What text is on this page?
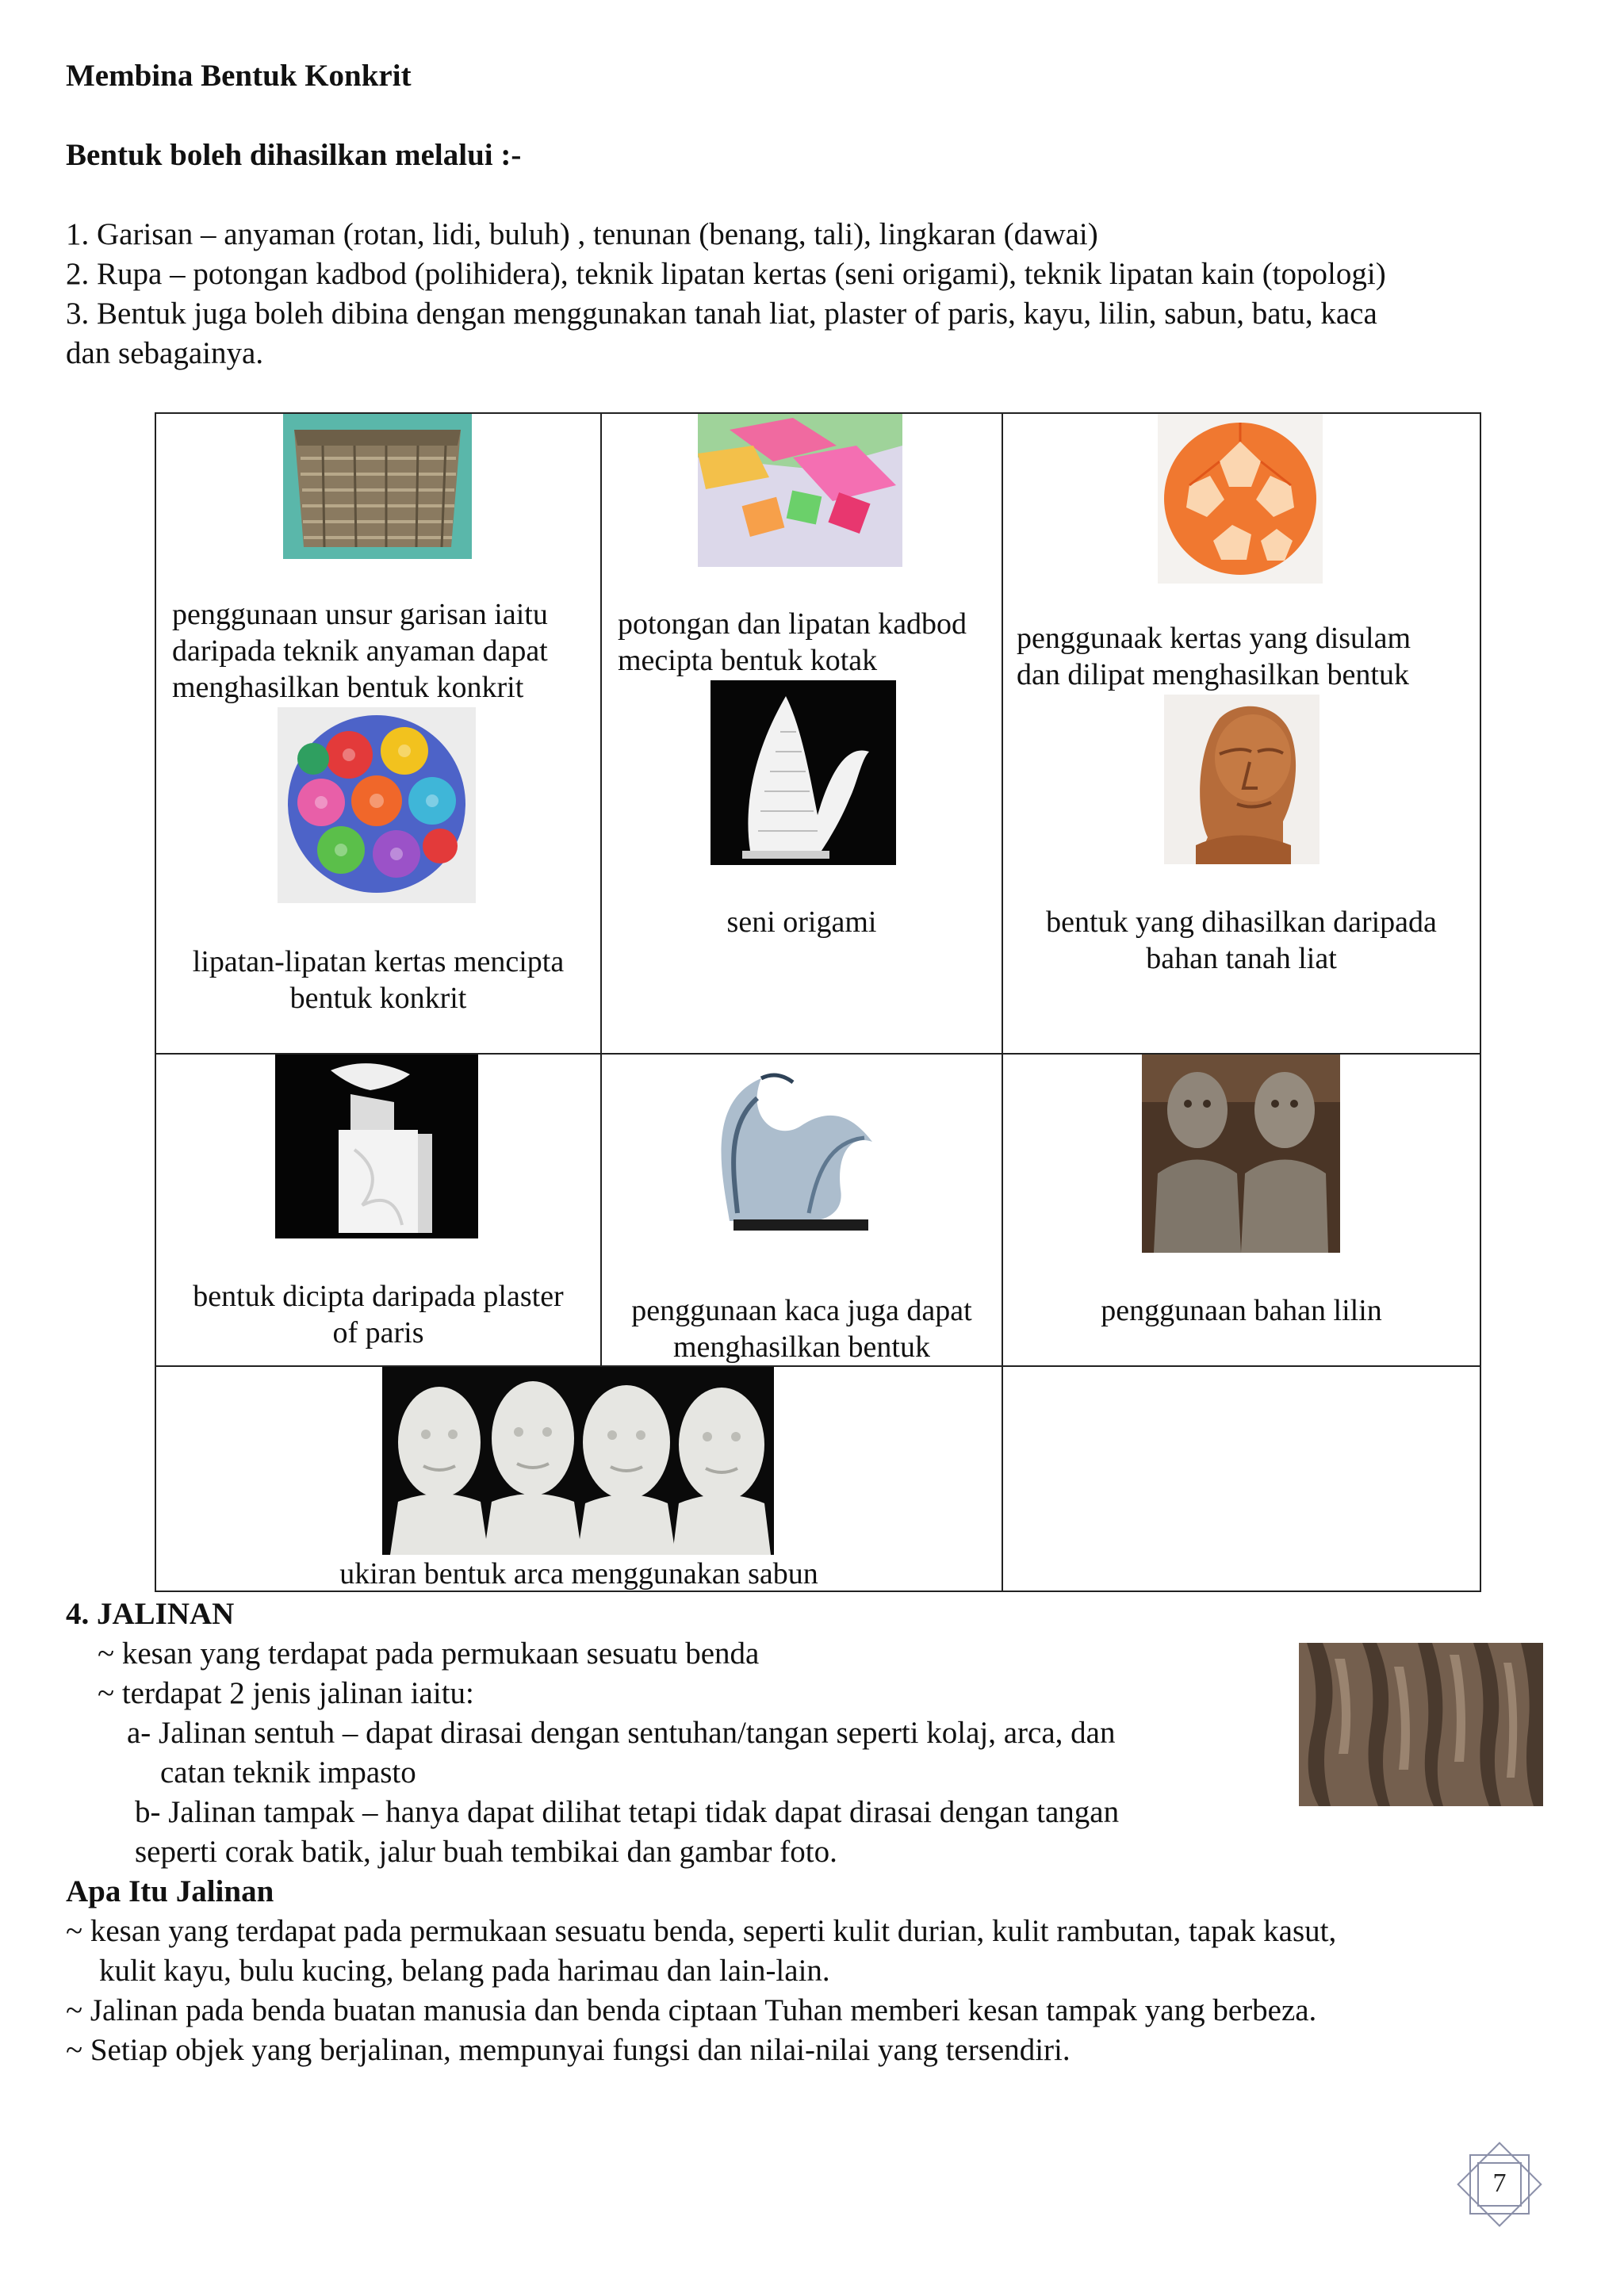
Membina Bentuk Konkrit
Bentuk boleh dihasilkan melalui :-
1. Garisan – anyaman (rotan, lidi, buluh) , tenunan (benang, tali), lingkaran (dawai)
2. Rupa – potongan kadbod (polihidera), teknik lipatan kertas (seni origami), teknik lipatan kain (topologi)
3. Bentuk juga boleh dibina dengan menggunakan tanah liat, plaster of paris, kayu, lilin, sabun, batu, kaca
dan sebagainya.
penggunaan unsur garisan iaitu
daripada teknik anyaman dapat
menghasilkan bentuk konkrit
potongan dan lipatan kadbod
mecipta bentuk kotak
penggunaak kertas yang disulam
dan dilipat menghasilkan bentuk
lipatan-lipatan kertas mencipta
bentuk konkrit
seni origami	bentuk yang dihasilkan daripada
bahan tanah liat
bentuk dicipta daripada plaster
of paris
penggunaan kaca juga dapat
menghasilkan bentuk
penggunaan bahan lilin
ukiran bentuk arca menggunakan sabun
4. JALINAN
~ kesan yang terdapat pada permukaan sesuatu benda
~ terdapat 2 jenis jalinan iaitu:
a- Jalinan sentuh – dapat dirasai dengan sentuhan/tangan seperti kolaj, arca, dan
catan teknik impasto
b- Jalinan tampak – hanya dapat dilihat tetapi tidak dapat dirasai dengan tangan
seperti corak batik, jalur buah tembikai dan gambar foto.
Apa Itu Jalinan
~ kesan yang terdapat pada permukaan sesuatu benda, seperti kulit durian, kulit rambutan, tapak kasut,
kulit kayu, bulu kucing, belang pada harimau dan lain-lain.
~ Jalinan pada benda buatan manusia dan benda ciptaan Tuhan memberi kesan tampak yang berbeza.
~ Setiap objek yang berjalinan, mempunyai fungsi dan nilai-nilai yang tersendiri.
7
